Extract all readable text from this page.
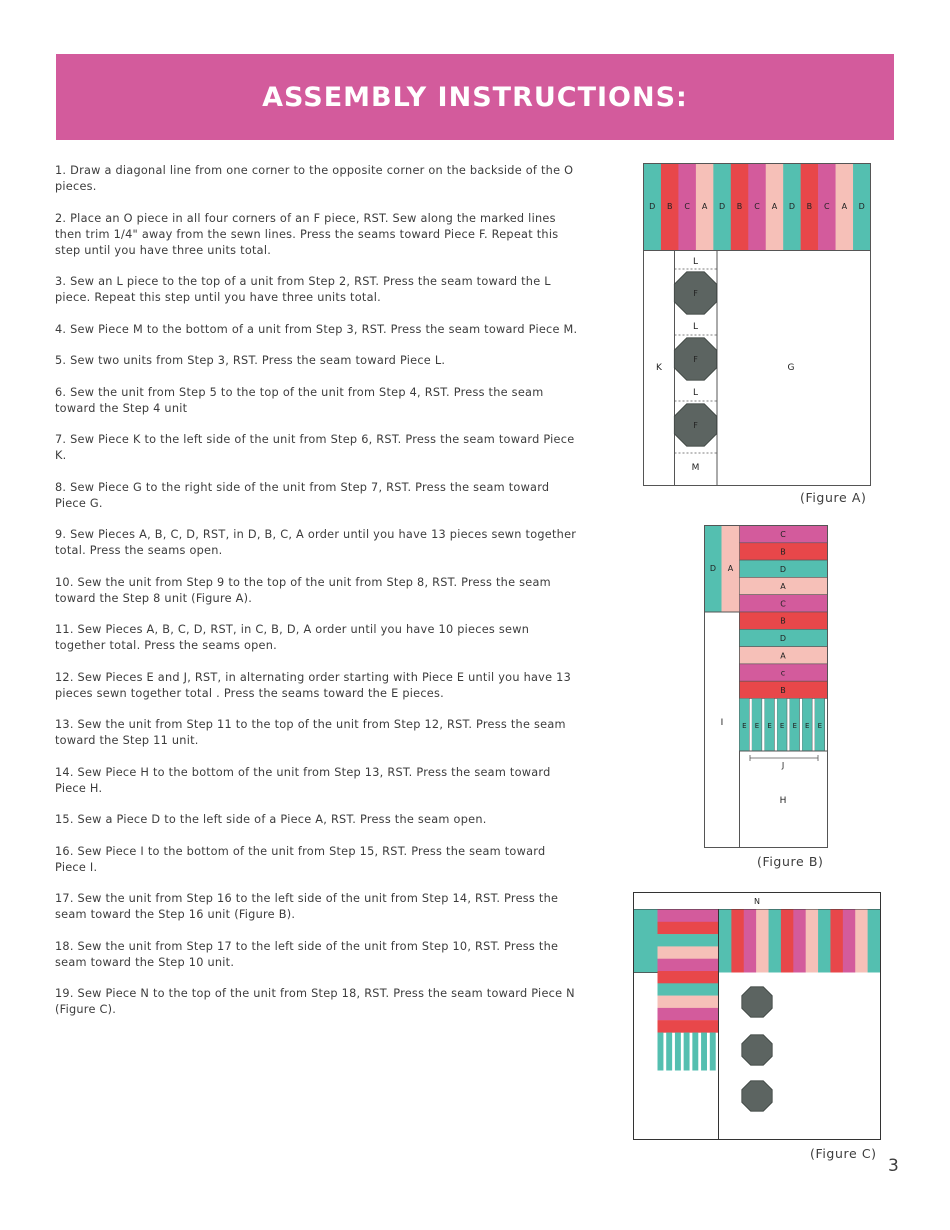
ASSEMBLY INSTRUCTIONS:

1. Draw a diagonal line from one corner to the opposite corner on the backside of the O pieces.

2. Place an O piece in all four corners of an F piece, RST. Sew along the marked lines then trim 1/4" away from the sewn lines. Press the seams toward Piece F. Repeat this step until you have three units total.

3. Sew an L piece to the top of a unit from Step 2, RST. Press the seam toward the L piece. Repeat this step until you have three units total.

4. Sew Piece M to the bottom of a unit from Step 3, RST. Press the seam toward Piece M.

5. Sew two units from Step 3, RST. Press the seam toward Piece L.

6. Sew the unit from Step 5 to the top of the unit from Step 4, RST. Press the seam toward the Step 4 unit

7. Sew Piece K to the left side of the unit from Step 6, RST. Press the seam toward Piece K.

8. Sew Piece G to the right side of the unit from Step 7, RST. Press the seam toward Piece G.

9. Sew Pieces A, B, C, D, RST, in D, B, C, A order until you have 13 pieces sewn together total. Press the seams open.

10. Sew the unit from Step 9 to the top of the unit from Step 8, RST. Press the seam toward the Step 8 unit (Figure A).

11. Sew Pieces A, B, C, D, RST, in C, B, D, A order until you have 10 pieces sewn together total. Press the seams open.

12. Sew Pieces E and J, RST, in alternating order starting with Piece E until you have 13 pieces sewn together total . Press the seams toward the E pieces.

13. Sew the unit from Step 11 to the top of the unit from Step 12, RST. Press the seam toward the Step 11 unit.

14. Sew Piece H to the bottom of the unit from Step 13, RST. Press the seam toward Piece H.

15. Sew a Piece D to the left side of a Piece A, RST. Press the seam open.

16. Sew Piece I to the bottom of the unit from Step 15, RST. Press the seam toward Piece I.

17. Sew the unit from Step 16 to the left side of the unit from Step 14, RST. Press the seam toward the Step 16 unit (Figure B).

18. Sew the unit from Step 17 to the left side of the unit from Step 10, RST. Press the seam toward the Step 10 unit.

19. Sew Piece N to the top of the unit from Step 18, RST. Press the seam toward Piece N (Figure C).

D B C A D B C A D B C A D
F
F
F
K	G
L
L
L
M
(Figure A)
D A
I
C
B
D
A
C
B
D
A
c
B
E E E E E E E
J
H
(Figure B)
N
(Figure C)
3
